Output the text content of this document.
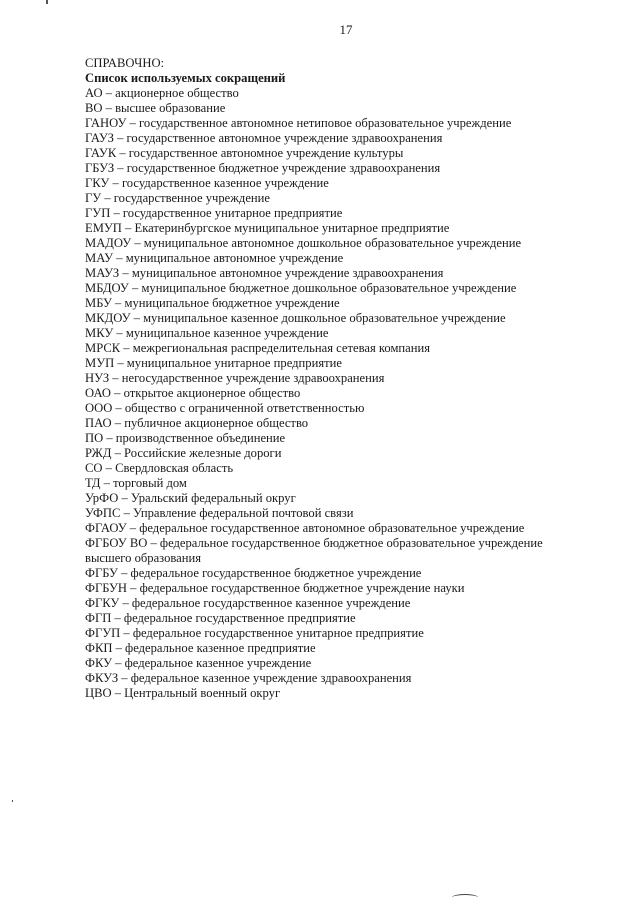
17

СПРАВОЧНО:

Список используемых сокращений

АО – акционерное общество
ВО – высшее образование
ГАНОУ – государственное автономное нетиповое образовательное учреждение
ГАУЗ – государственное автономное учреждение здравоохранения
ГАУК – государственное автономное учреждение культуры
ГБУЗ – государственное бюджетное учреждение здравоохранения
ГКУ – государственное казенное учреждение
ГУ – государственное учреждение
ГУП – государственное унитарное предприятие
ЕМУП – Екатеринбургское муниципальное унитарное предприятие
МАДОУ – муниципальное автономное дошкольное образовательное учреждение
МАУ – муниципальное автономное учреждение
МАУЗ – муниципальное автономное учреждение здравоохранения
МБДОУ – муниципальное бюджетное дошкольное образовательное учреждение
МБУ – муниципальное бюджетное учреждение
МКДОУ – муниципальное казенное дошкольное образовательное учреждение
МКУ – муниципальное казенное учреждение
МРСК – межрегиональная распределительная сетевая компания
МУП – муниципальное унитарное предприятие
НУЗ – негосударственное учреждение здравоохранения
ОАО – открытое акционерное общество
ООО – общество с ограниченной ответственностью
ПАО – публичное акционерное общество
ПО – производственное объединение
РЖД – Российские железные дороги
СО – Свердловская область
ТД – торговый дом
УрФО – Уральский федеральный округ
УФПС – Управление федеральной почтовой связи
ФГАОУ – федеральное государственное автономное образовательное учреждение
ФГБОУ ВО – федеральное государственное бюджетное образовательное учреждение высшего образования
ФГБУ – федеральное государственное бюджетное учреждение
ФГБУН – федеральное государственное бюджетное учреждение науки
ФГКУ – федеральное государственное казенное учреждение
ФГП – федеральное государственное предприятие
ФГУП – федеральное государственное унитарное предприятие
ФКП – федеральное казенное предприятие
ФКУ – федеральное казенное учреждение
ФКУЗ – федеральное казенное учреждение здравоохранения
ЦВО – Центральный военный округ
